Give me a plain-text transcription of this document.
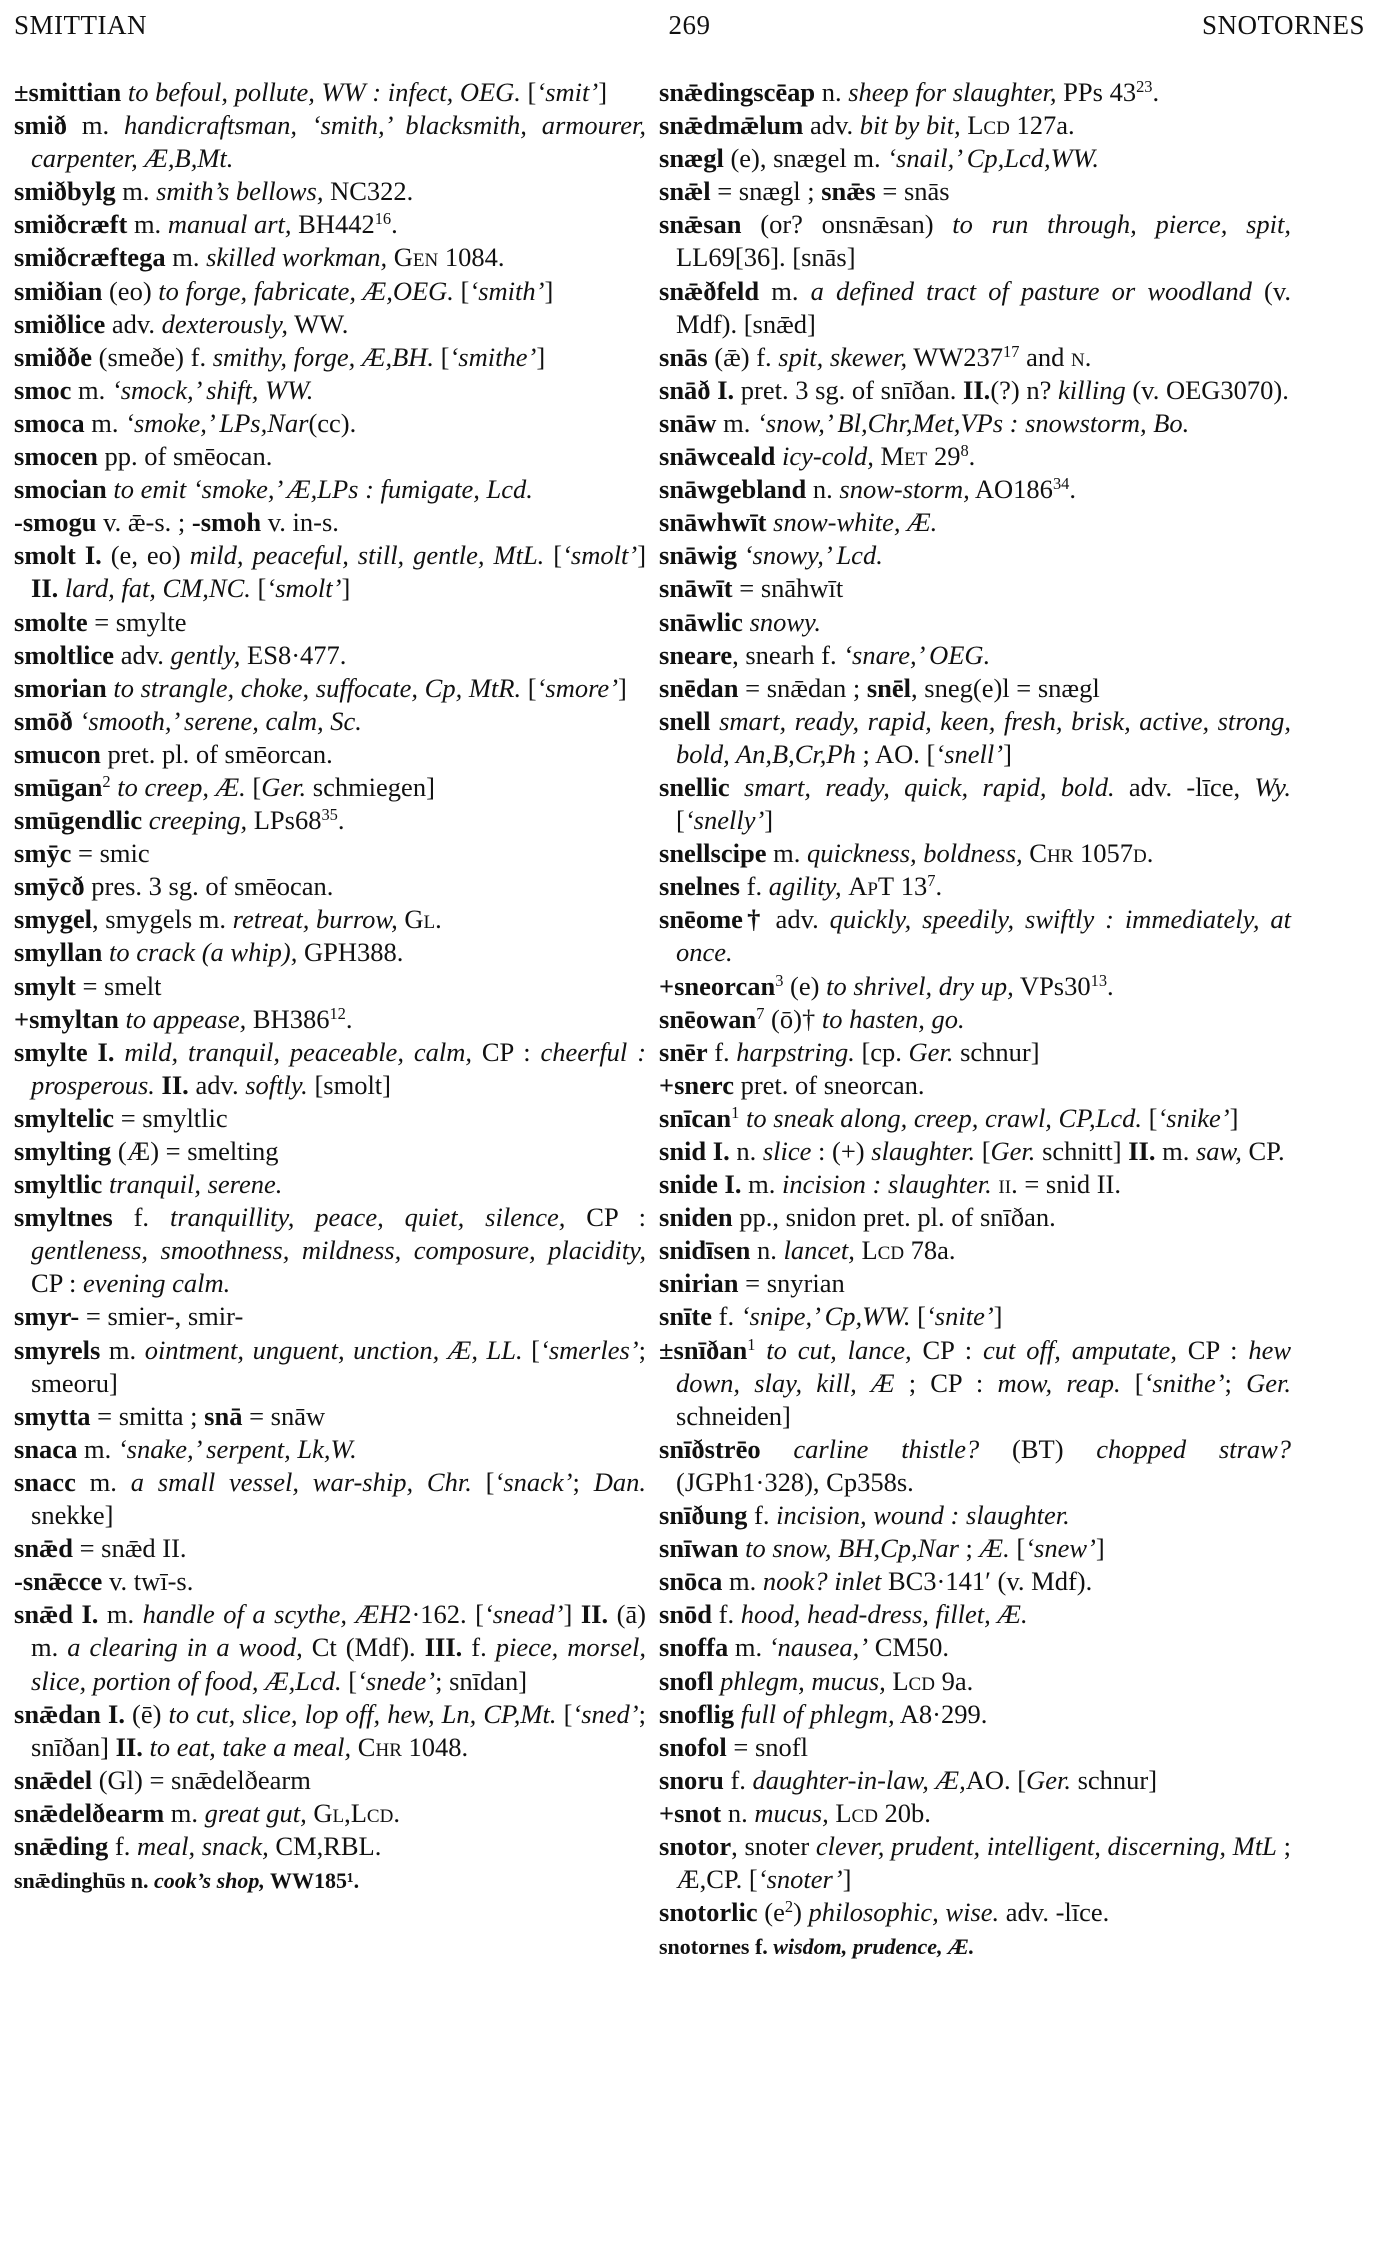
SMITTIAN	269	SNOTORNES

±smittian to befoul, pollute, WW : infect, OEG. [‘smit’]

smið m. handicraftsman, ‘smith,’ blacksmith, armourer, carpenter, Æ,B,Mt.

smiðbylg m. smith’s bellows, NC322.

smiðcræft m. manual art, $BH442^{16}$.

smiðcræftega m. skilled workman, Gen 1084.

smiðian (eo) to forge, fabricate, Æ,OEG. [‘smith’]

smiðlice adv. dexterously, WW.

smiððe (smeðe) f. smithy, forge, Æ,BH. [‘smithe’]

smoc m. ‘smock,’ shift, WW.

smoca m. ‘smoke,’ LPs,Nar(cc).

smocen pp. of smēocan.

smocian to emit ‘smoke,’ Æ,LPs : fumigate, Lcd.

-smogu v. ǣ-s. ; -smoh v. in-s.

smolt I. (e, eo) mild, peaceful, still, gentle, MtL. [‘smolt’] II. lard, fat, CM,NC. [‘smolt’]

smolte = smylte

smoltlice adv. gently, ES8·477.

smorian to strangle, choke, suffocate, Cp, MtR. [‘smore’]

smōð ‘smooth,’ serene, calm, Sc.

smucon pret. pl. of smēorcan.

smūgan$^2$ to creep, Æ. [Ger. schmiegen]

smūgendlic creeping, $LPs68^{35}$.

smȳc = smic

smȳcð pres. 3 sg. of smēocan.

smygel, smygels m. retreat, burrow, Gl.

smyllan to crack (a whip), GPH388.

smylt = smelt

+smyltan to appease, $BH386^{12}$.

smylte I. mild, tranquil, peaceable, calm, CP : cheerful : prosperous. II. adv. softly. [smolt]

smyltelic = smyltlic

smylting (Æ) = smelting

smyltlic tranquil, serene.

smyltnes f. tranquillity, peace, quiet, silence, CP : gentleness, smoothness, mildness, composure, placidity, CP : evening calm.

smyr- = smier-, smir-

smyrels m. ointment, unguent, unction, Æ, LL. [‘smerles’; smeoru]

smytta = smitta ; snā = snāw

snaca m. ‘snake,’ serpent, Lk,W.

snacc m. a small vessel, war-ship, Chr. [‘snack’; Dan. snekke]

snǣd = snǣd II.

-snǣcce v. twī-s.

snǣd I. m. handle of a scythe, ÆH2·162. [‘snead’] II. (ā) m. a clearing in a wood, Ct (Mdf). III. f. piece, morsel, slice, portion of food, Æ,Lcd. [‘snede’; snīdan]

snǣdan I. (ē) to cut, slice, lop off, hew, Ln, CP,Mt. [‘sned’; snīðan] II. to eat, take a meal, Chr 1048.

snǣdel (Gl) = snǣdelðearm

snǣdelðearm m. great gut, Gl,Lcd.

snǣding f. meal, snack, CM,RBL.

snǣdinghūs n. cook’s shop, WW185¹.

snǣdingscēap n. sheep for slaughter, PPs $43^{23}$.

snǣdmǣlum adv. bit by bit, Lcd 127a.

snægl (e), snægel m. ‘snail,’ Cp,Lcd,WW.

snǣl = snægl ; snǣs = snās

snǣsan (or? onsnǣsan) to run through, pierce, spit, LL69[36]. [snās]

snǣðfeld m. a defined tract of pasture or woodland (v. Mdf). [snǣd]

snās (ǣ) f. spit, skewer, $WW237^{17}$ and n.

snāð I. pret. 3 sg. of snīðan. II.(?) n? killing (v. OEG3070).

snāw m. ‘snow,’ Bl,Chr,Met,VPs : snowstorm, Bo.

snāwceald icy-cold, Met $29^8$.

snāwgebland n. snow-storm, $AO186^{34}$.

snāwhwīt snow-white, Æ.

snāwig ‘snowy,’ Lcd.

snāwīt = snāhwīt

snāwlic snowy.

sneare, snearh f. ‘snare,’ OEG.

snēdan = snǣdan ; snēl, sneg(e)l = snægl

snell smart, ready, rapid, keen, fresh, brisk, active, strong, bold, An,B,Cr,Ph ; AO. [‘snell’]

snellic smart, ready, quick, rapid, bold. adv. -līce, Wy. [‘snelly’]

snellscipe m. quickness, boldness, Chr 1057d.

snelnes f. agility, ApT $13^7$.

snēome† adv. quickly, speedily, swiftly : immediately, at once.

+sneorcan$^3$ (e) to shrivel, dry up, $VPs30^{13}$.

snēowan$^7$ (ō)† to hasten, go.

snēr f. harpstring. [cp. Ger. schnur]

+snerc pret. of sneorcan.

snīcan$^1$ to sneak along, creep, crawl, CP,Lcd. [‘snike’]

snid I. n. slice : (+) slaughter. [Ger. schnitt] II. m. saw, CP.

snide I. m. incision : slaughter. ii. = snid II.

sniden pp., snidon pret. pl. of snīðan.

snidīsen n. lancet, Lcd 78a.

snirian = snyrian

snīte f. ‘snipe,’ Cp,WW. [‘snite’]

±snīðan$^1$ to cut, lance, CP : cut off, amputate, CP : hew down, slay, kill, Æ ; CP : mow, reap. [‘snithe’; Ger. schneiden]

snīðstrēo carline thistle? (BT) chopped straw? (JGPh1·328), Cp358s.

snīðung f. incision, wound : slaughter.

snīwan to snow, BH,Cp,Nar ; Æ. [‘snew’]

snōca m. nook? inlet BC3·141′ (v. Mdf).

snōd f. hood, head-dress, fillet, Æ.

snoffa m. ‘nausea,’ CM50.

snofl phlegm, mucus, Lcd 9a.

snoflig full of phlegm, A8·299.

snofol = snofl

snoru f. daughter-in-law, Æ,AO. [Ger. schnur]

+snot n. mucus, Lcd 20b.

snotor, snoter clever, prudent, intelligent, discerning, MtL ; Æ,CP. [‘snoter’]

snotorlic $(e^2)$ philosophic, wise. adv. -līce.

snotornes f. wisdom, prudence, Æ.
